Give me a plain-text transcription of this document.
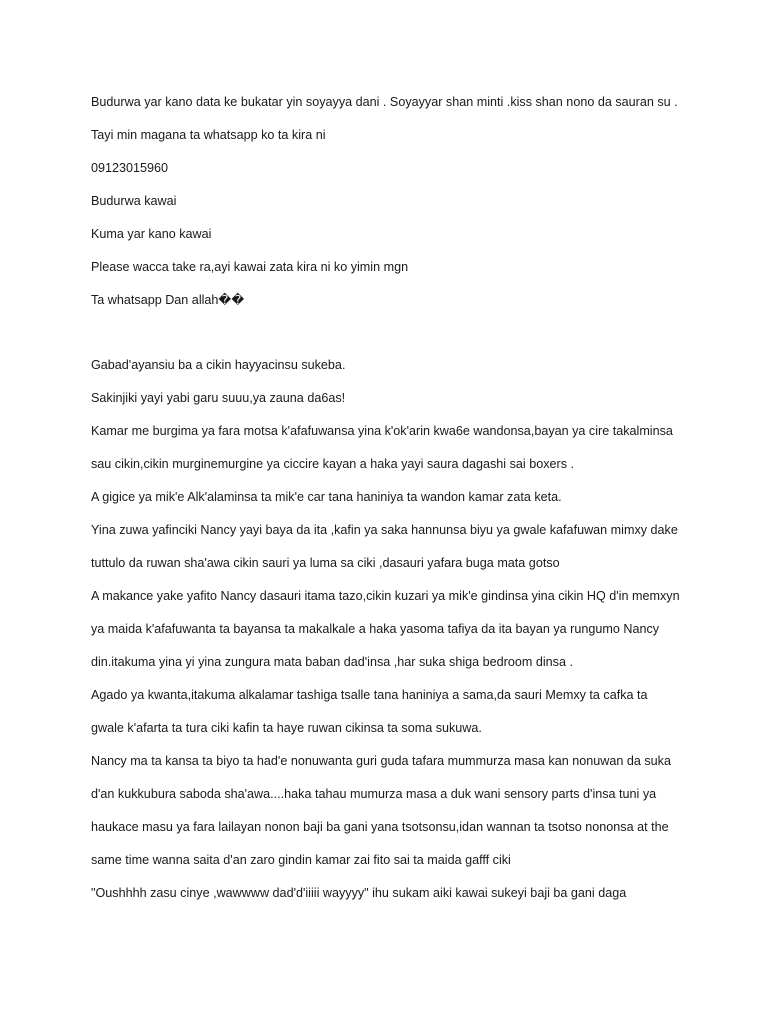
Budurwa yar kano data ke bukatar yin soyayya dani . Soyayyar shan minti .kiss shan nono da sauran su .

Tayi min magana ta whatsapp ko ta kira ni

09123015960

Budurwa kawai

Kuma yar kano kawai

Please wacca take ra,ayi kawai zata kira ni ko yimin mgn

Ta whatsapp Dan allah��

Gabad'ayansiu ba a cikin hayyacinsu sukeba.

Sakinjiki yayi yabi garu suuu,ya zauna da6as!

Kamar me burgima ya fara motsa k'afafuwansa yina k'ok'arin kwa6e wandonsa,bayan ya cire takalminsa

sau cikin,cikin murginemurgine ya ciccire kayan a haka yayi saura dagashi sai boxers .

A gigice ya mik'e Alk'alaminsa ta mik'e car tana haniniya ta wandon kamar zata keta.

Yina zuwa yafinciki Nancy yayi baya da ita ,kafin ya saka hannunsa biyu ya gwale kafafuwan mimxy dake

tuttulo da ruwan sha'awa cikin sauri ya luma sa ciki ,dasauri yafara buga mata gotso

A makance yake yafito Nancy dasauri itama tazo,cikin kuzari ya mik'e gindinsa yina cikin HQ d'in memxyn

ya maida k'afafuwanta ta bayansa ta makalkale a haka yasoma tafiya da ita bayan ya rungumo Nancy

din.itakuma yina yi yina zungura mata baban dad'insa ,har suka shiga bedroom dinsa .

Agado ya kwanta,itakuma alkalamar tashiga tsalle tana haniniya a sama,da sauri Memxy ta cafka ta

gwale k'afarta ta tura ciki kafin ta haye ruwan cikinsa ta soma sukuwa.

Nancy ma ta kansa ta biyo ta had'e nonuwanta guri guda tafara mummurza masa kan nonuwan da suka

d'an kukkubura saboda sha'awa....haka tahau mumurza masa a duk wani sensory parts d'insa tuni ya

haukace masu ya fara lailayan nonon baji ba gani yana tsotsonsu,idan wannan ta tsotso nononsa at the

same time wanna saita d'an zaro gindin kamar zai fito sai ta maida gafff ciki

"Oushhhh zasu cinye ,wawwww dad'd'iiiii wayyyy" ihu sukam aiki kawai sukeyi baji ba gani daga
